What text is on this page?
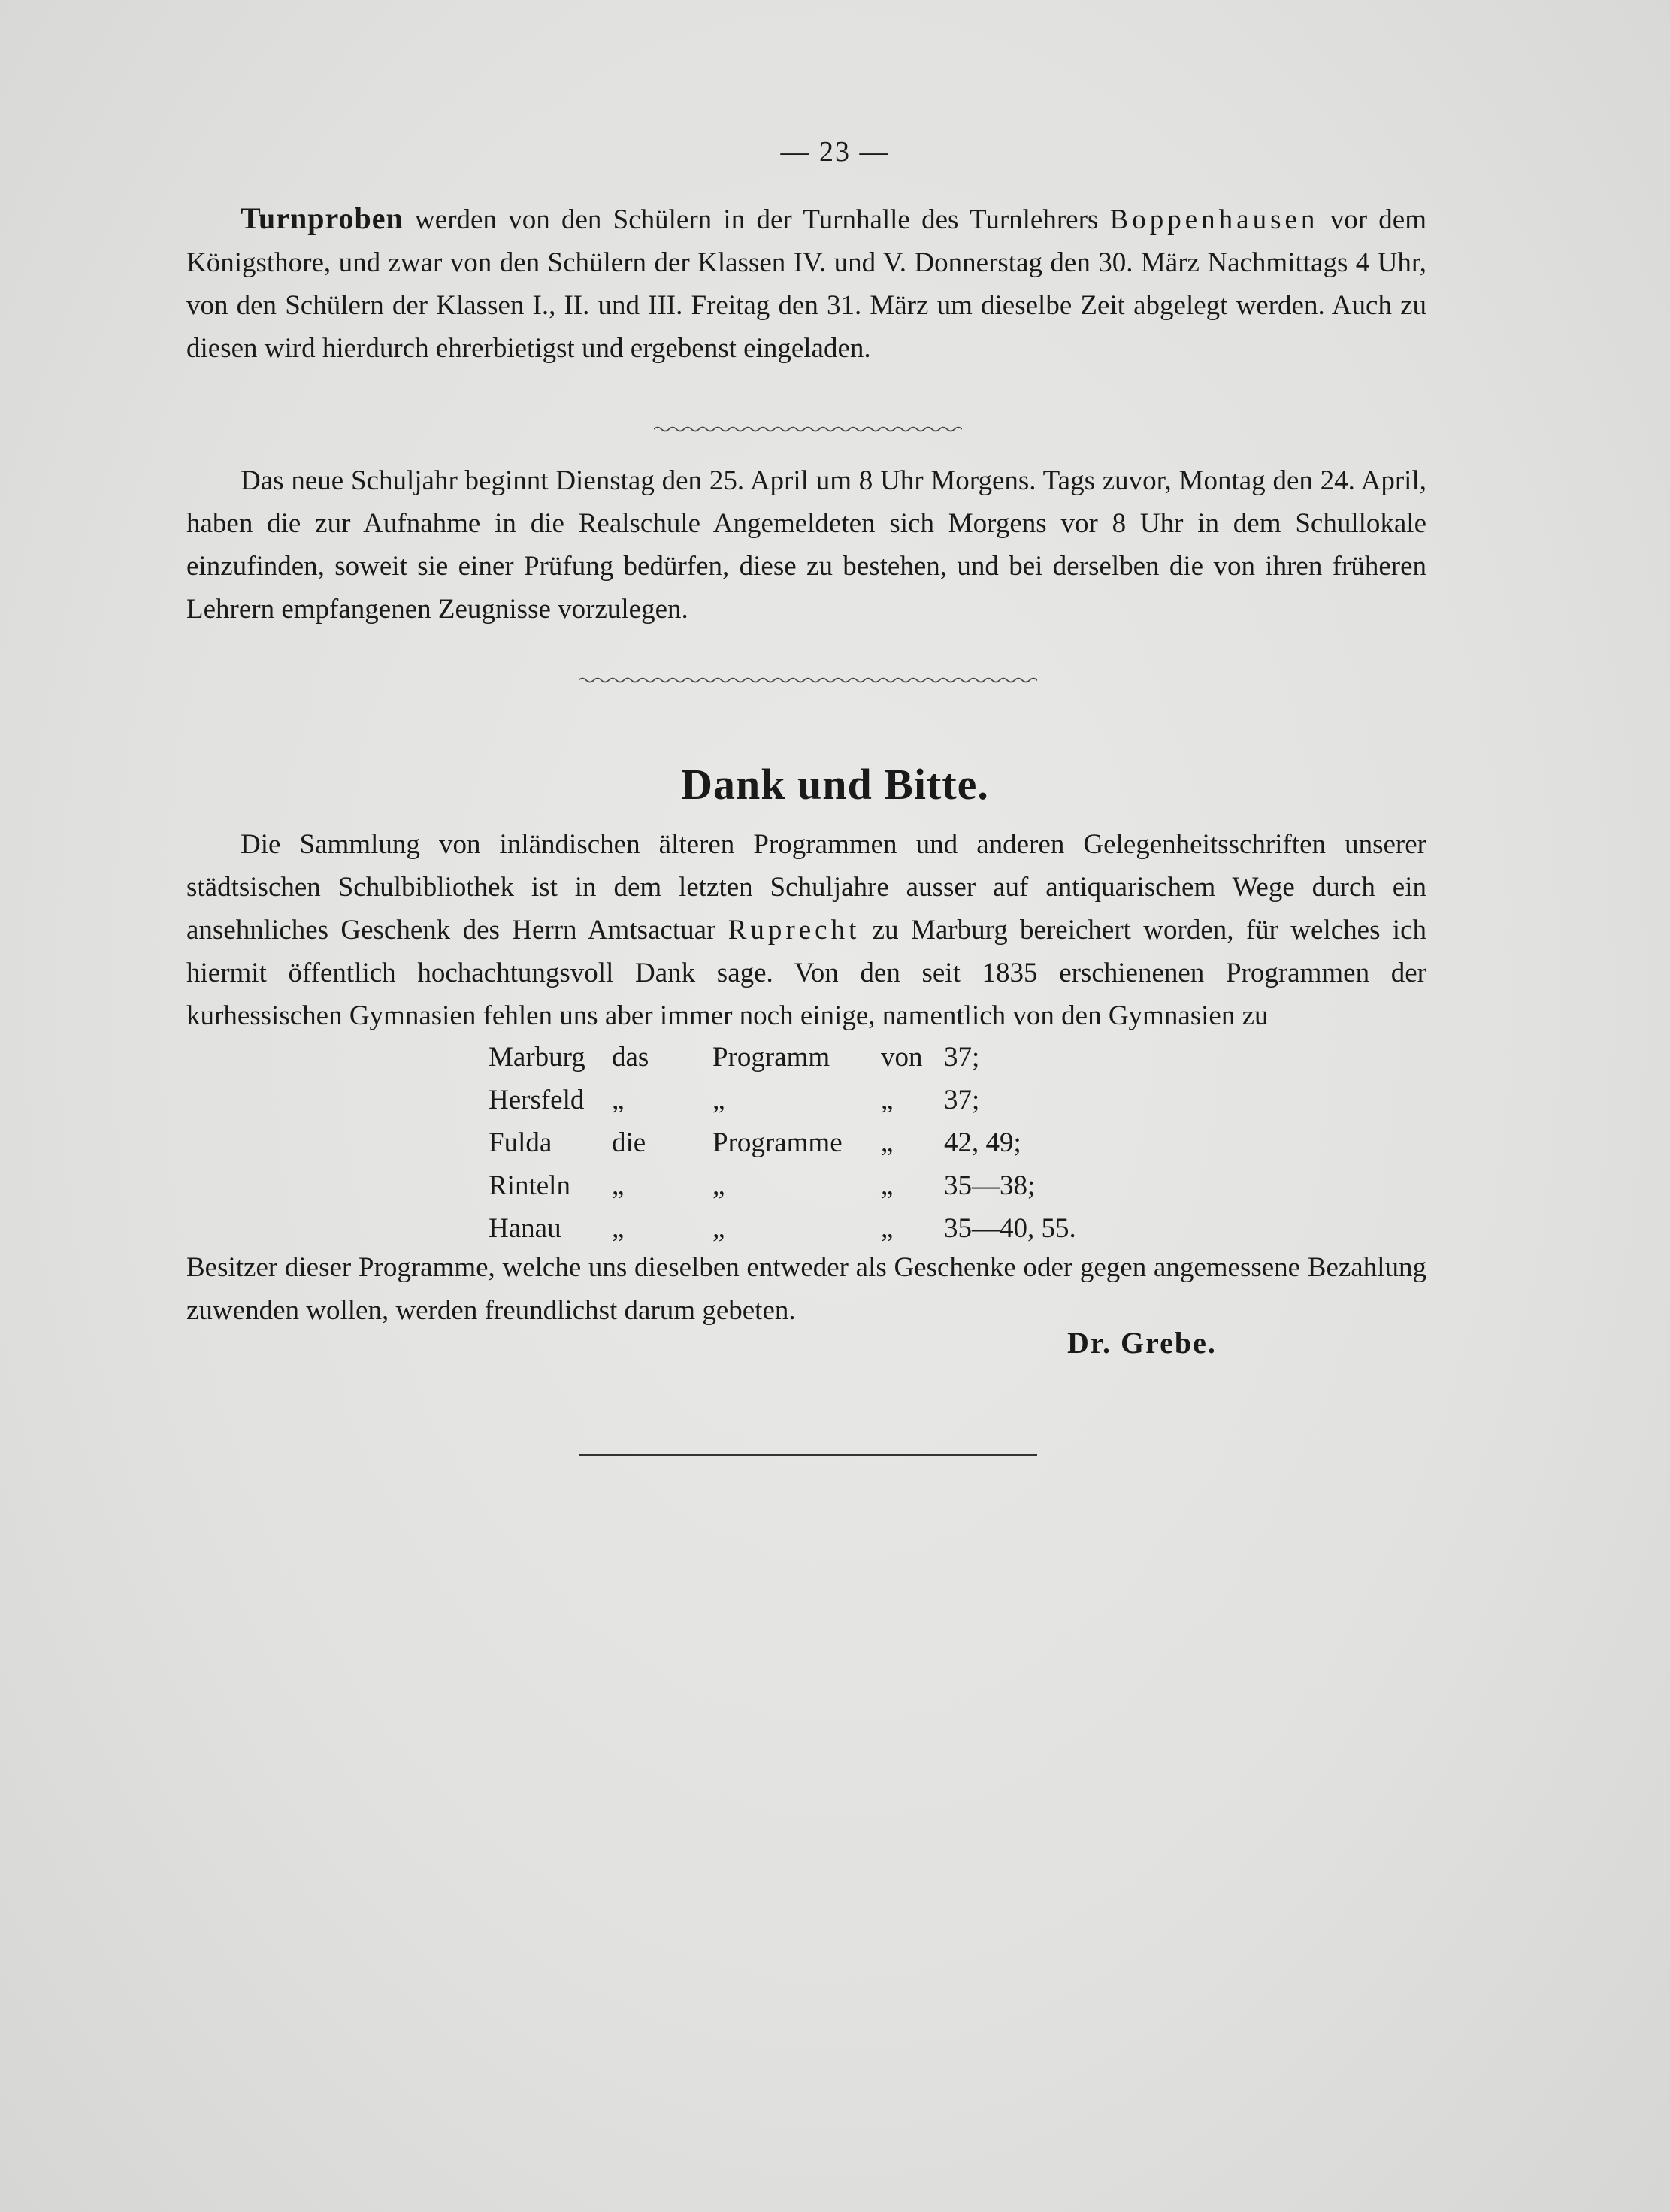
— 23 —
Turnproben werden von den Schülern in der Turnhalle des Turnlehrers Boppenhausen vor dem Königsthore, und zwar von den Schülern der Klassen IV. und V. Donnerstag den 30. März Nachmittags 4 Uhr, von den Schülern der Klassen I., II. und III. Freitag den 31. März um dieselbe Zeit abgelegt werden. Auch zu diesen wird hierdurch ehrerbietigst und ergebenst eingeladen.
Das neue Schuljahr beginnt Dienstag den 25. April um 8 Uhr Morgens. Tags zuvor, Montag den 24. April, haben die zur Aufnahme in die Realschule Angemeldeten sich Morgens vor 8 Uhr in dem Schullokale einzufinden, soweit sie einer Prüfung bedürfen, diese zu bestehen, und bei derselben die von ihren früheren Lehrern empfangenen Zeugnisse vorzulegen.
Dank und Bitte.
Die Sammlung von inländischen älteren Programmen und anderen Gelegenheitsschriften unserer städtsischen Schulbibliothek ist in dem letzten Schuljahre ausser auf antiquarischem Wege durch ein ansehnliches Geschenk des Herrn Amtsactuar Ruprecht zu Marburg bereichert worden, für welches ich hiermit öffentlich hochachtungsvoll Dank sage. Von den seit 1835 erschienenen Programmen der kurhessischen Gymnasien fehlen uns aber immer noch einige, namentlich von den Gymnasien zu
Marburg	das	Programm	von	37;
Hersfeld	„	„	„	37;
Fulda	die	Programme	„	42, 49;
Rinteln	„	„	„	35—38;
Hanau	„	„	„	35—40, 55.
Besitzer dieser Programme, welche uns dieselben entweder als Geschenke oder gegen angemessene Bezahlung zuwenden wollen, werden freundlichst darum gebeten.
Dr. Grebe.
